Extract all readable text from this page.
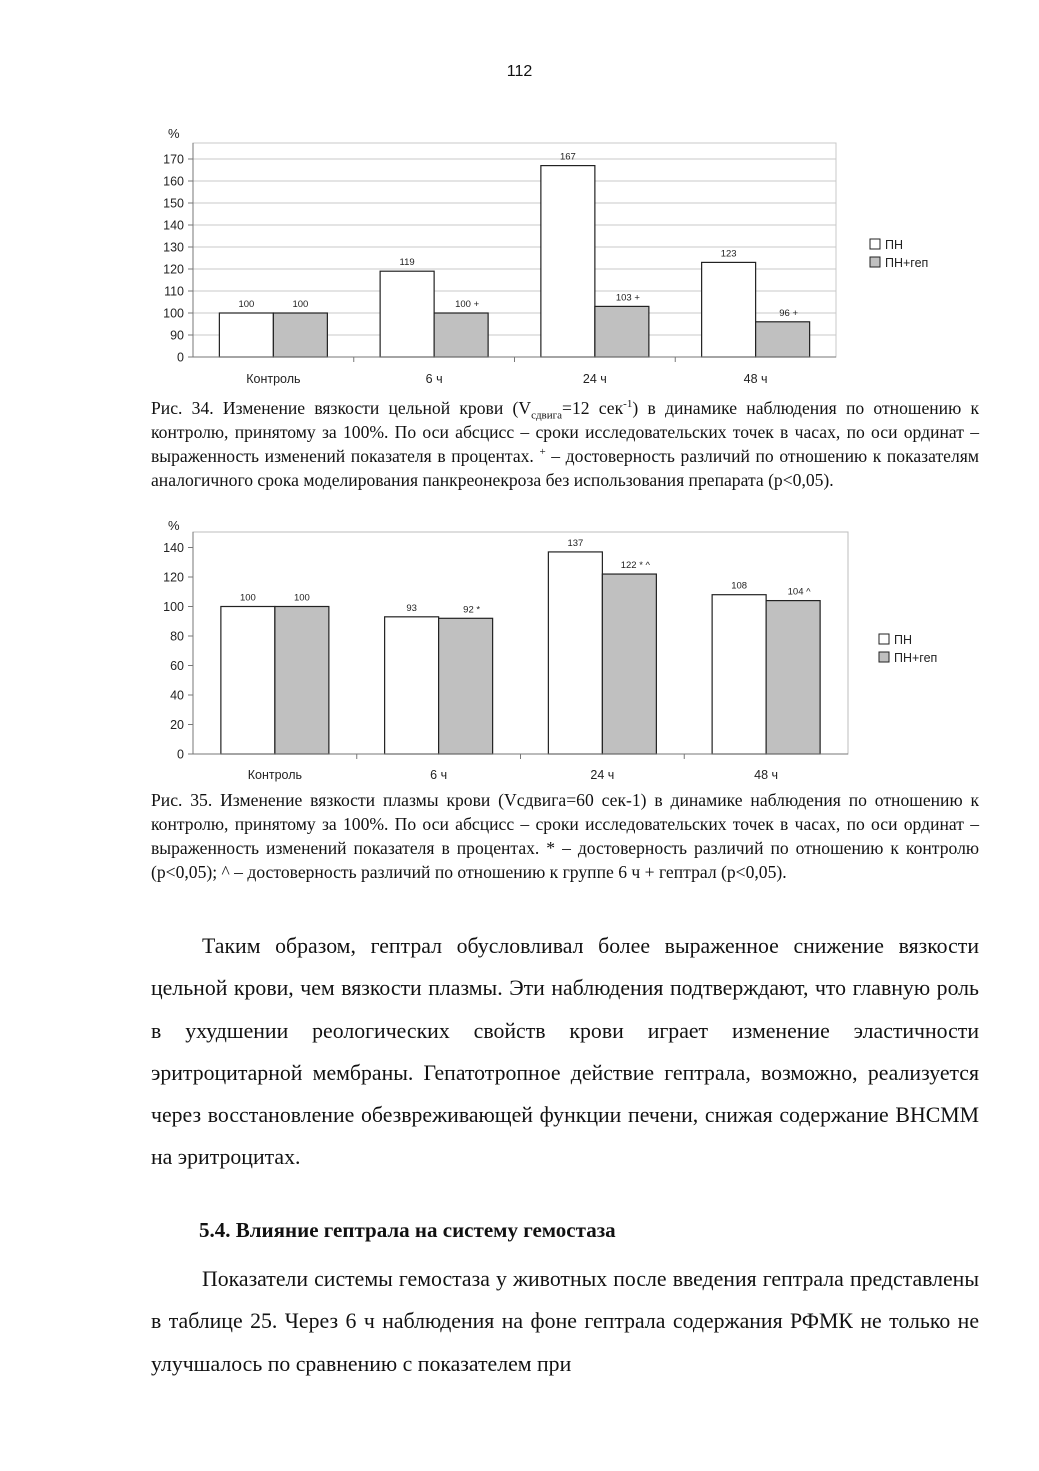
112
%
0
90
100
110
120
130
140
150
160
170
Контроль
100	100
6 ч
119
100 +
24 ч
167
103 +
48 ч
123
96 +
ПН
ПН+геп
Рис. 34. Изменение вязкости цельной крови ($V_{сдвига}=12$ сек$^{-1}$) в динамике наблюдения по отношению к контролю, принятому за 100%. По оси абсцисс – сроки исследовательских точек в часах, по оси ординат – выраженность изменений показателя в процентах. + – достоверность различий по отношению к показателям аналогичного срока моделирования панкреонекроза без использования препарата (р<0,05).
%
0
20
40
60
80
100
120
140
Контроль
100	100
6 ч
93	92 *
24 ч
137
122 * ^
48 ч
108
104 ^
ПН
ПН+геп
Рис. 35. Изменение вязкости плазмы крови (Vсдвига=60 сек-1) в динамике наблюдения по отношению к контролю, принятому за 100%. По оси абсцисс – сроки исследовательских точек в часах, по оси ординат – выраженность изменений показателя в процентах. * – достоверность различий по отношению к контролю (р<0,05); ^ – достоверность различий по отношению к группе 6 ч + гептрал (р<0,05).

Таким образом, гептрал обусловливал более выраженное снижение вязкости цельной крови, чем вязкости плазмы. Эти наблюдения подтверждают, что главную роль в ухудшении реологических свойств крови играет изменение эластичности эритроцитарной мембраны. Гепатотропное действие гептрала, возможно, реализуется через восстановление обезвреживающей функции печени, снижая содержание ВНСММ на эритроцитах.

5.4. Влияние гептрала на систему гемостаза

Показатели системы гемостаза у животных после введения гептрала представлены в таблице 25. Через 6 ч наблюдения на фоне гептрала содержания РФМК не только не улучшалось по сравнению с показателем при
